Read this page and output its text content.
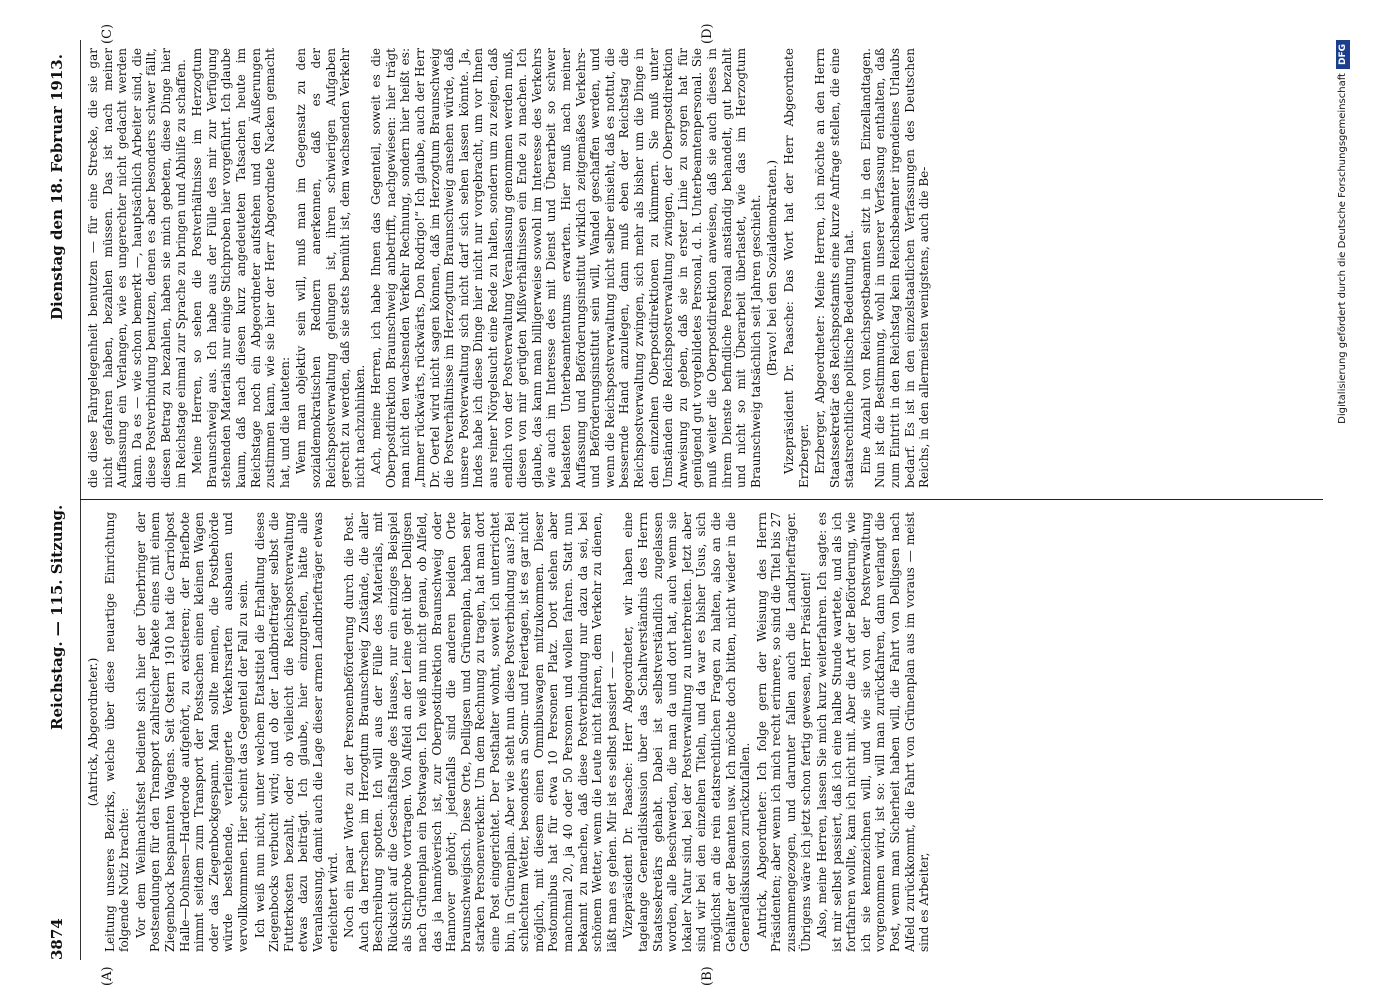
3874
Reichstag. — 115. Sitzung.
Dienstag den 18. Februar 1913.
(A)	(B)
(C)	(D)

(Antrick, Abgeordneter.) Leitung unseres Bezirks, welche über diese neuartige Einrichtung folgende Notiz brachte: Vor dem Weihnachtsfest bediente sich hier der Überbringer der Postsendungen für den Transport zahlreicher Pakete eines mit einem Ziegenbock bespannten Wagens. Seit Ostern 1910 hat die Carriolpost Halle—Dohnsen—Harderode aufgehört, zu existieren; der Briefbote nimmt seitdem zum Transport der Postsachen einen kleinen Wagen oder das Ziegenbockgespann. Man sollte meinen, die Postbehörde würde bestehende, verleingerte Verkehrsarten ausbauen und vervollkommnen. Hier scheint das Gegenteil der Fall zu sein. Ich weiß nun nicht, unter welchem Etatstitel die Erhaltung dieses Ziegenbocks verbucht wird; und ob der Landbriefträger selbst die Futterkosten bezahlt, oder ob vielleicht die Reichspostverwaltung etwas dazu beiträgt. Ich glaube, hier einzugreifen, hätte alle Veranlassung, damit auch die Lage dieser armen Landbriefträger etwas erleichtert wird. Noch ein paar Worte zu der Personenbeförderung durch die Post. Auch da herrschen im Herzogtum Braunschweig Zustände, die aller Beschreibung spotten. Ich will aus der Fülle des Materials, mit Rücksicht auf die Geschäftslage des Hauses, nur ein einziges Beispiel als Stichprobe vortragen. Von Alfeld an der Leine geht über Delligsen nach Grünenplan ein Postwagen. Ich weiß nun nicht genau, ob Alfeld, das ja hannöverisch ist, zur Oberpostdirektion Braunschweig oder Hannover gehört; jedenfalls sind die anderen beiden Orte braunschweigisch. Diese Orte, Delligsen und Grünenplan, haben sehr starken Personenverkehr. Um dem Rechnung zu tragen, hat man dort eine Post eingerichtet. Der Posthalter wohnt, soweit ich unterrichtet bin, in Grünenplan. Aber wie steht nun diese Postverbindung aus? Bei schlechtem Wetter, besonders an Sonn- und Feiertagen, ist es gar nicht möglich, mit diesem einen Omnibuswagen mitzukommen. Dieser Postomnibus hat für etwa 10 Personen Platz. Dort stehen aber manchmal 20, ja 40 oder 50 Personen und wollen fahren. Statt nun bekannt zu machen, daß diese Postverbindung nur dazu da sei, bei schönem Wetter, wenn die Leute nicht fahren, dem Verkehr zu dienen, läßt man es gehen. Mir ist es selbst passiert — — Vizepräsident Dr. Paasche: Herr Abgeordneter, wir haben eine tagelange Generaldiskussion über das Schaltverständnis des Herrn Staatssekretärs gehabt. Dabei ist selbstverständlich zugelassen worden, alle Beschwerden, die man da und dort hat, auch wenn sie lokaler Natur sind, bei der Postverwaltung zu unterbreiten. Jetzt aber sind wir bei den einzelnen Titeln, und da war es bisher Usus, sich möglichst an die rein etatsrechtlichen Fragen zu halten, also an die Gehälter der Beamten usw. Ich möchte doch bitten, nicht wieder in die Generaldiskussion zurückzufallen. Antrick, Abgeordneter: Ich folge gern der Weisung des Herrn Präsidenten; aber wenn ich mich recht erinnere, so sind die Titel bis 27 zusammengezogen, und darunter fallen auch die Landbriefträger. Übrigens wäre ich jetzt schon fertig gewesen, Herr Präsident! Also, meine Herren, lassen Sie mich kurz weiterfahren. Ich sagte: es ist mir selbst passiert, daß ich eine halbe Stunde wartete, und als ich fortfahren wollte, kam ich nicht mit. Aber die Art der Beförderung, wie ich sie kennzeichnen will, und wie sie von der Postverwaltung vorgenommen wird, ist so: will man zurückfahren, dann verlangt die Post, wenn man Sicherheit haben will, die Fahrt von Delligsen nach Alfeld zurückkommt, die Fahrt von Grünenplan aus im voraus — meist sind es Arbeiter,

die diese Fahrgelegenheit benutzen — für eine Strecke, die sie gar nicht gefahren haben, bezahlen müssen. Das ist nach meiner Auffassung ein Verlangen, wie es ungerechter nicht gedacht werden kann. Da es — wie schon bemerkt —, hauptsächlich Arbeiter sind, die diese Postverbindung benutzen, denen es aber besonders schwer fällt, diesen Betrag zu bezahlen, haben sie mich gebeten, diese Dinge hier im Reichstage einmal zur Sprache zu bringen und Abhilfe zu schaffen. Meine Herren, so sehen die Postverhältnisse im Herzogtum Braunschweig aus. Ich habe aus der Fülle des mir zur Verfügung stehenden Materials nur einige Stichproben hier vorgeführt. Ich glaube kaum, daß nach diesen kurz angedeuteten Tatsachen heute im Reichstage noch ein Abgeordneter aufstehen und den Äußerungen zustimmen kann, wie sie hier der Herr Abgeordnete Nacken gemacht hat, und die lauteten: Wenn man objektiv sein will, muß man im Gegensatz zu den sozialdemokratischen Rednern anerkennen, daß es der Reichspostverwaltung gelungen ist, ihren schwierigen Aufgaben gerecht zu werden, daß sie stets bemüht ist, dem wachsenden Verkehr nicht nachzuhinken. Ach, meine Herren, ich habe Ihnen das Gegenteil, soweit es die Oberpostdirektion Braunschweig anbetrifft, nachgewiesen: hier trägt man nicht den wachsenden Verkehr Rechnung, sondern hier heißt es: „Immer rückwärts, rückwärts, Don Rodrigo!“ Ich glaube, auch der Herr Dr. Oertel wird nicht sagen können, daß im Herzogtum Braunschweig die Postverhältnisse im Herzogtum Braunschweig ansehen würde, daß unsere Postverwaltung sich nicht darf sich sehen lassen könnte. Ja, Indes habe ich diese Dinge hier nicht nur vorgebracht, um vor Ihnen aus reiner Nörgelsucht eine Rede zu halten, sondern um zu zeigen, daß endlich von der Postverwaltung Veranlassung genommen werden muß, diesen von mir gerügten Mißverhältnissen ein Ende zu machen. Ich glaube, das kann man billigerweise sowohl im Interesse des Verkehrs wie auch im Interesse des mit Dienst und Überarbeit so schwer belasteten Unterbeamtentums erwarten. Hier muß nach meiner Auffassung und Beförderungsinstitut wirklich zeitgemäßes Verkehrs- und Beförderungsinstitut sein will, Wandel geschaffen werden, und wenn die Reichspostverwaltung nicht selber einsieht, daß es nottut, die bessernde Hand anzulegen, dann muß eben der Reichstag die Reichspostverwaltung zwingen, sich mehr als bisher um die Dinge in den einzelnen Oberpostdirektionen zu kümmern. Sie muß unter Umständen die Reichspostverwaltung zwingen, der Oberpostdirektion Anweisung zu geben, daß sie in erster Linie zu sorgen hat für genügend gut vorgebildetes Personal, d. h. Unterbeamtenpersonal. Sie muß weiter die Oberpostdirektion anweisen, daß sie auch dieses in ihrem Dienste befindliche Personal anständig behandelt, gut bezahlt und nicht so mit Überarbeit überlastet, wie das im Herzogtum Braunschweig tatsächlich seit Jahren geschieht. (Bravo! bei den Sozialdemokraten.) Vizepräsident Dr. Paasche: Das Wort hat der Herr Abgeordnete Erzberger. Erzberger, Abgeordneter: Meine Herren, ich möchte an den Herrn Staatssekretär des Reichspostamts eine kurze Anfrage stellen, die eine staatsrechtliche politische Bedeutung hat. Eine Anzahl von Reichspostbeamten sitzt in den Einzellandtagen. Nun ist die Bestimmung, wohl in unserer Verfassung enthalten, daß zum Eintritt in den Reichstag kein Reichsbeamter irgendeines Urlaubs bedarf. Es ist in den einzelstaatlichen Verfassungen des Deutschen Reichs, in den allermeisten wenigstens, auch die Be-	Digitalisierung gefördert durch die Deutsche ForschungsgemeinschaftDFG
